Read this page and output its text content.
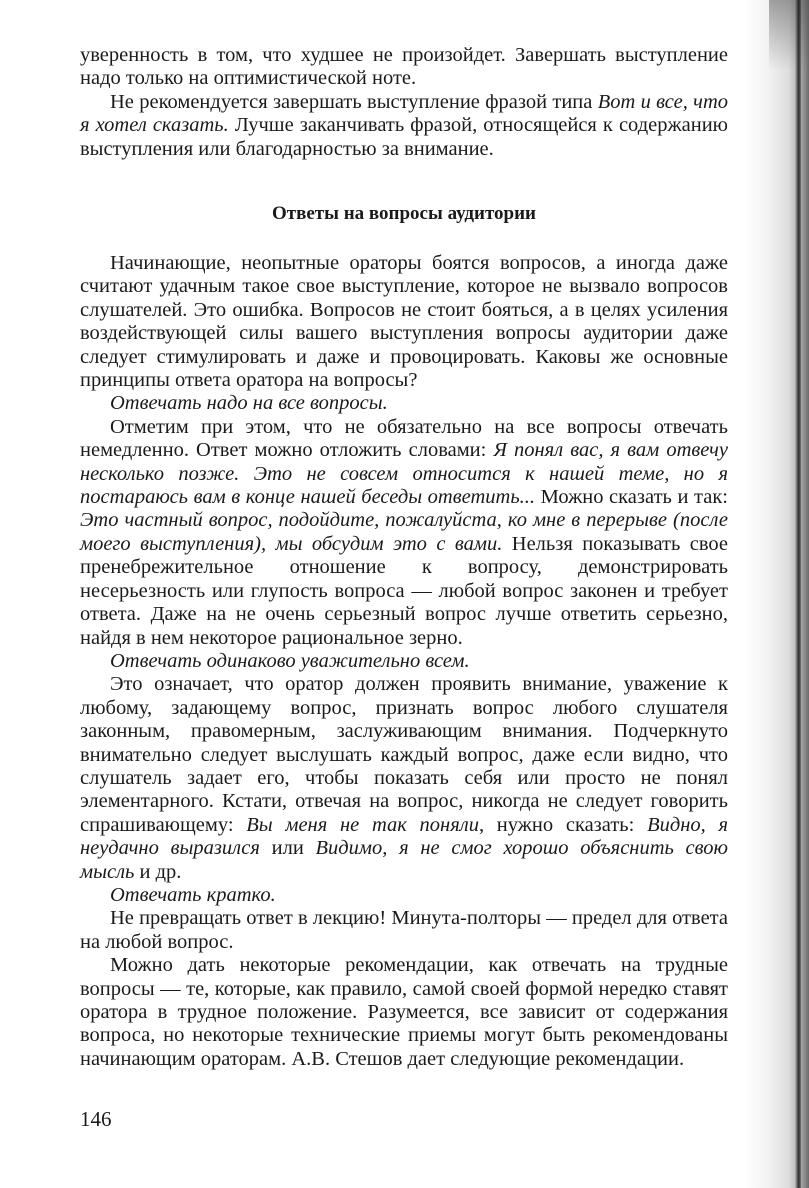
уверенность в том, что худшее не произойдет. Завершать выступление надо только на оптимистической ноте.

Не рекомендуется завершать выступление фразой типа Вот и все, что я хотел сказать. Лучше заканчивать фразой, относящейся к содержанию выступления или благодарностью за внимание.

Ответы на вопросы аудитории

Начинающие, неопытные ораторы боятся вопросов, а иногда даже считают удачным такое свое выступление, которое не вызвало вопросов слушателей. Это ошибка. Вопросов не стоит бояться, а в целях усиления воздействующей силы вашего выступления вопросы аудитории даже следует стимулировать и даже и провоцировать. Каковы же основные принципы ответа оратора на вопросы?

Отвечать надо на все вопросы.

Отметим при этом, что не обязательно на все вопросы отвечать немедленно. Ответ можно отложить словами: Я понял вас, я вам отвечу несколько позже. Это не совсем относится к нашей теме, но я постараюсь вам в конце нашей беседы ответить... Можно сказать и так: Это частный вопрос, подойдите, пожалуйста, ко мне в перерыве (после моего выступления), мы обсудим это с вами. Нельзя показывать свое пренебрежительное отношение к вопросу, демонстрировать несерьезность или глупость вопроса — любой вопрос законен и требует ответа. Даже на не очень серьезный вопрос лучше ответить серьезно, найдя в нем некоторое рациональное зерно.

Отвечать одинаково уважительно всем.

Это означает, что оратор должен проявить внимание, уважение к любому, задающему вопрос, признать вопрос любого слушателя законным, правомерным, заслуживающим внимания. Подчеркнуто внимательно следует выслушать каждый вопрос, даже если видно, что слушатель задает его, чтобы показать себя или просто не понял элементарного. Кстати, отвечая на вопрос, никогда не следует говорить спрашивающему: Вы меня не так поняли, нужно сказать: Видно, я неудачно выразился или Видимо, я не смог хорошо объяснить свою мысль и др.

Отвечать кратко.

Не превращать ответ в лекцию! Минута-полторы — предел для ответа на любой вопрос.

Можно дать некоторые рекомендации, как отвечать на трудные вопросы — те, которые, как правило, самой своей формой нередко ставят оратора в трудное положение. Разумеется, все зависит от содержания вопроса, но некоторые технические приемы могут быть рекомендованы начинающим ораторам. А.В. Стешов дает следующие рекомендации.

146
